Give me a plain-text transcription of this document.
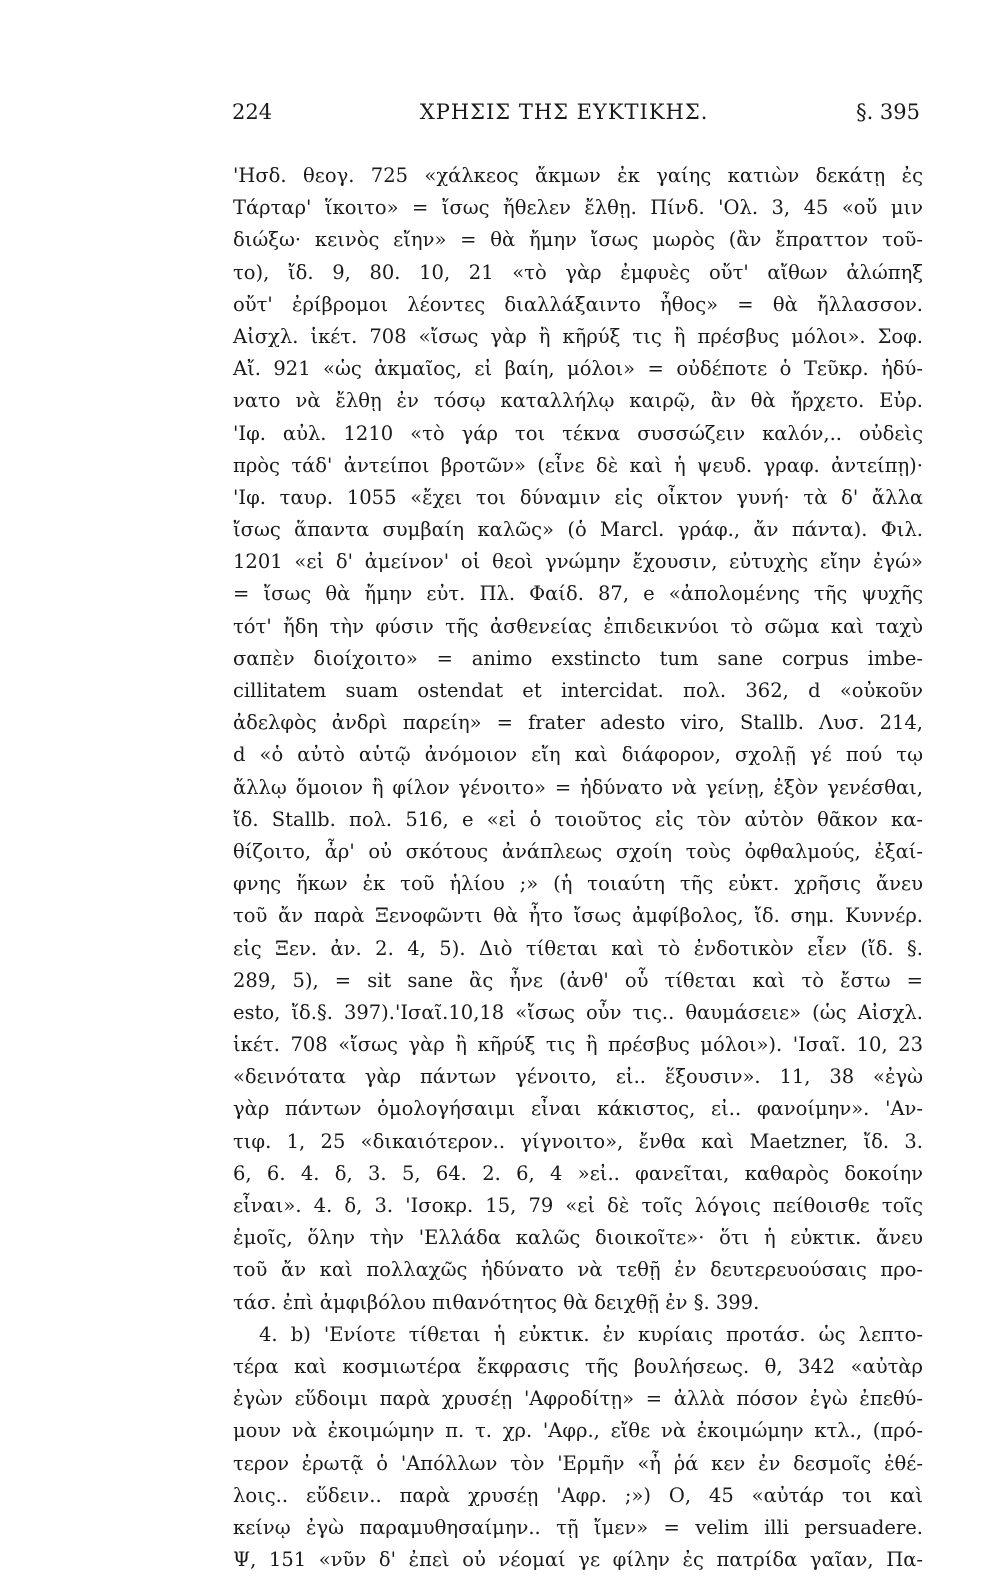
224	ΧΡΗΣΙΣ ΤΗΣ ΕΥΚΤΙΚΗΣ.	§. 395
'Ησδ. θεογ. 725 «χάλκεος ἄκμων ἐκ γαίης κατιὼν δεκάτῃ ἐς
Τάρταρ' ἵκοιτο» = ἴσως ἤθελεν ἔλθῃ. Πίνδ. 'Ολ. 3, 45 «οὔ μιν
διώξω· κεινὸς εἴην» = θὰ ἤμην ἴσως μωρὸς (ἂν ἔπραττον τοῦ-
το), ἴδ. 9, 80. 10, 21 «τὸ γὰρ ἐμφυὲς οὔτ' αἴθων ἀλώπηξ
οὔτ' ἐρίβρομοι λέοντες διαλλάξαιντο ἦθος» = θὰ ἤλλασσον.
Αἰσχλ. ἱκέτ. 708 «ἴσως γὰρ ἢ κῆρύξ τις ἢ πρέσβυς μόλοι». Σοφ.
Αἴ. 921 «ὡς ἀκμαῖος, εἰ βαίη, μόλοι» = οὐδέποτε ὁ Τεῦκρ. ἠδύ-
νατο νὰ ἔλθῃ ἐν τόσῳ καταλλήλῳ καιρῷ, ἂν θὰ ἤρχετο. Εὐρ.
'Ιφ. αὐλ. 1210 «τὸ γάρ τοι τέκνα συσσώζειν καλόν,.. οὐδεὶς
πρὸς τάδ' ἀντείποι βροτῶν» (εἶνε δὲ καὶ ἡ ψευδ. γραφ. ἀντείπῃ)·
'Ιφ. ταυρ. 1055 «ἔχει τοι δύναμιν εἰς οἶκτον γυνή· τὰ δ' ἄλλα
ἴσως ἅπαντα συμβαίη καλῶς» (ὁ Marcl. γράφ., ἄν πάντα). Φιλ.
1201 «εἰ δ' ἀμείνον' οἱ θεοὶ γνώμην ἔχουσιν, εὐτυχὴς εἴην ἐγώ»
= ἴσως θὰ ἤμην εὐτ. Πλ. Φαίδ. 87, e «ἀπολομένης τῆς ψυχῆς
τότ' ἤδη τὴν φύσιν τῆς ἀσθενείας ἐπιδεικνύοι τὸ σῶμα καὶ ταχὺ
σαπὲν διοίχοιτο» = animo exstincto tum sane corpus imbe-
cillitatem suam ostendat et intercidat. πολ. 362, d «οὐκοῦν
ἀδελφὸς ἀνδρὶ παρείη» = frater adesto viro, Stallb. Λυσ. 214,
d «ὁ αὐτὸ αὑτῷ ἀνόμοιον εἴη καὶ διάφορον, σχολῇ γέ πού τῳ
ἄλλῳ ὅμοιον ἢ φίλον γένοιτο» = ἠδύνατο νὰ γείνῃ, ἐξὸν γενέσθαι,
ἴδ. Stallb. πολ. 516, e «εἰ ὁ τοιοῦτος εἰς τὸν αὐτὸν θᾶκον κα-
θίζοιτο, ἆρ' οὐ σκότους ἀνάπλεως σχοίη τοὺς ὀφθαλμούς, ἐξαί-
φνης ἥκων ἐκ τοῦ ἡλίου ;» (ἡ τοιαύτη τῆς εὐκτ. χρῆσις ἄνευ
τοῦ ἄν παρὰ Ξενοφῶντι θὰ ἦτο ἴσως ἀμφίβολος, ἴδ. σημ. Κυννέρ.
εἰς Ξεν. ἀν. 2. 4, 5). Διὸ τίθεται καὶ τὸ ἐνδοτικὸν εἶεν (ἴδ. §.
289, 5), = sit sane ἂς ἦνε (ἀνθ' οὗ τίθεται καὶ τὸ ἔστω =
esto, ἴδ.§. 397).'Ισαῖ.10,18 «ἴσως οὖν τις.. θαυμάσειε» (ὡς Αἰσχλ.
ἱκέτ. 708 «ἴσως γὰρ ἢ κῆρύξ τις ἢ πρέσβυς μόλοι»). 'Ισαῖ. 10, 23
«δεινότατα γὰρ πάντων γένοιτο, εἰ.. ἕξουσιν». 11, 38 «ἐγὼ
γὰρ πάντων ὁμολογήσαιμι εἶναι κάκιστος, εἰ.. φανοίμην». 'Αν-
τιφ. 1, 25 «δικαιότερον.. γίγνοιτο», ἔνθα καὶ Maetzner, ἴδ. 3.
6, 6. 4. δ, 3. 5, 64. 2. 6, 4 »εἰ.. φανεῖται, καθαρὸς δοκοίην
εἶναι». 4. δ, 3. 'Ισοκρ. 15, 79 «εἰ δὲ τοῖς λόγοις πείθοισθε τοῖς
ἐμοῖς, ὅλην τὴν 'Ελλάδα καλῶς διοικοῖτε»· ὅτι ἡ εὐκτικ. ἄνευ
τοῦ ἄν καὶ πολλαχῶς ἠδύνατο νὰ τεθῇ ἐν δευτερευούσαις προ-
τάσ. ἐπὶ ἀμφιβόλου πιθανότητος θὰ δειχθῇ ἐν §. 399.
4. b) 'Ενίοτε τίθεται ἡ εὐκτικ. ἐν κυρίαις προτάσ. ὡς λεπτο-
τέρα καὶ κοσμιωτέρα ἔκφρασις τῆς βουλήσεως. θ, 342 «αὐτὰρ
ἐγὼν εὕδοιμι παρὰ χρυσέῃ 'Αφροδίτῃ» = ἀλλὰ πόσον ἐγὼ ἐπεθύ-
μουν νὰ ἐκοιμώμην π. τ. χρ. 'Αφρ., εἴθε νὰ ἐκοιμώμην κτλ., (πρό-
τερον ἐρωτᾷ ὁ 'Απόλλων τὸν 'Ερμῆν «ἦ ῥά κεν ἐν δεσμοῖς ἐθέ-
λοις.. εὕδειν.. παρὰ χρυσέῃ 'Αφρ. ;») Ο, 45 «αὐτάρ τοι καὶ
κείνῳ ἐγὼ παραμυθησαίμην.. τῇ ἴμεν» = velim illi persuadere.
Ψ, 151 «νῦν δ' ἐπεὶ οὐ νέομαί γε φίλην ἐς πατρίδα γαῖαν, Πα-
